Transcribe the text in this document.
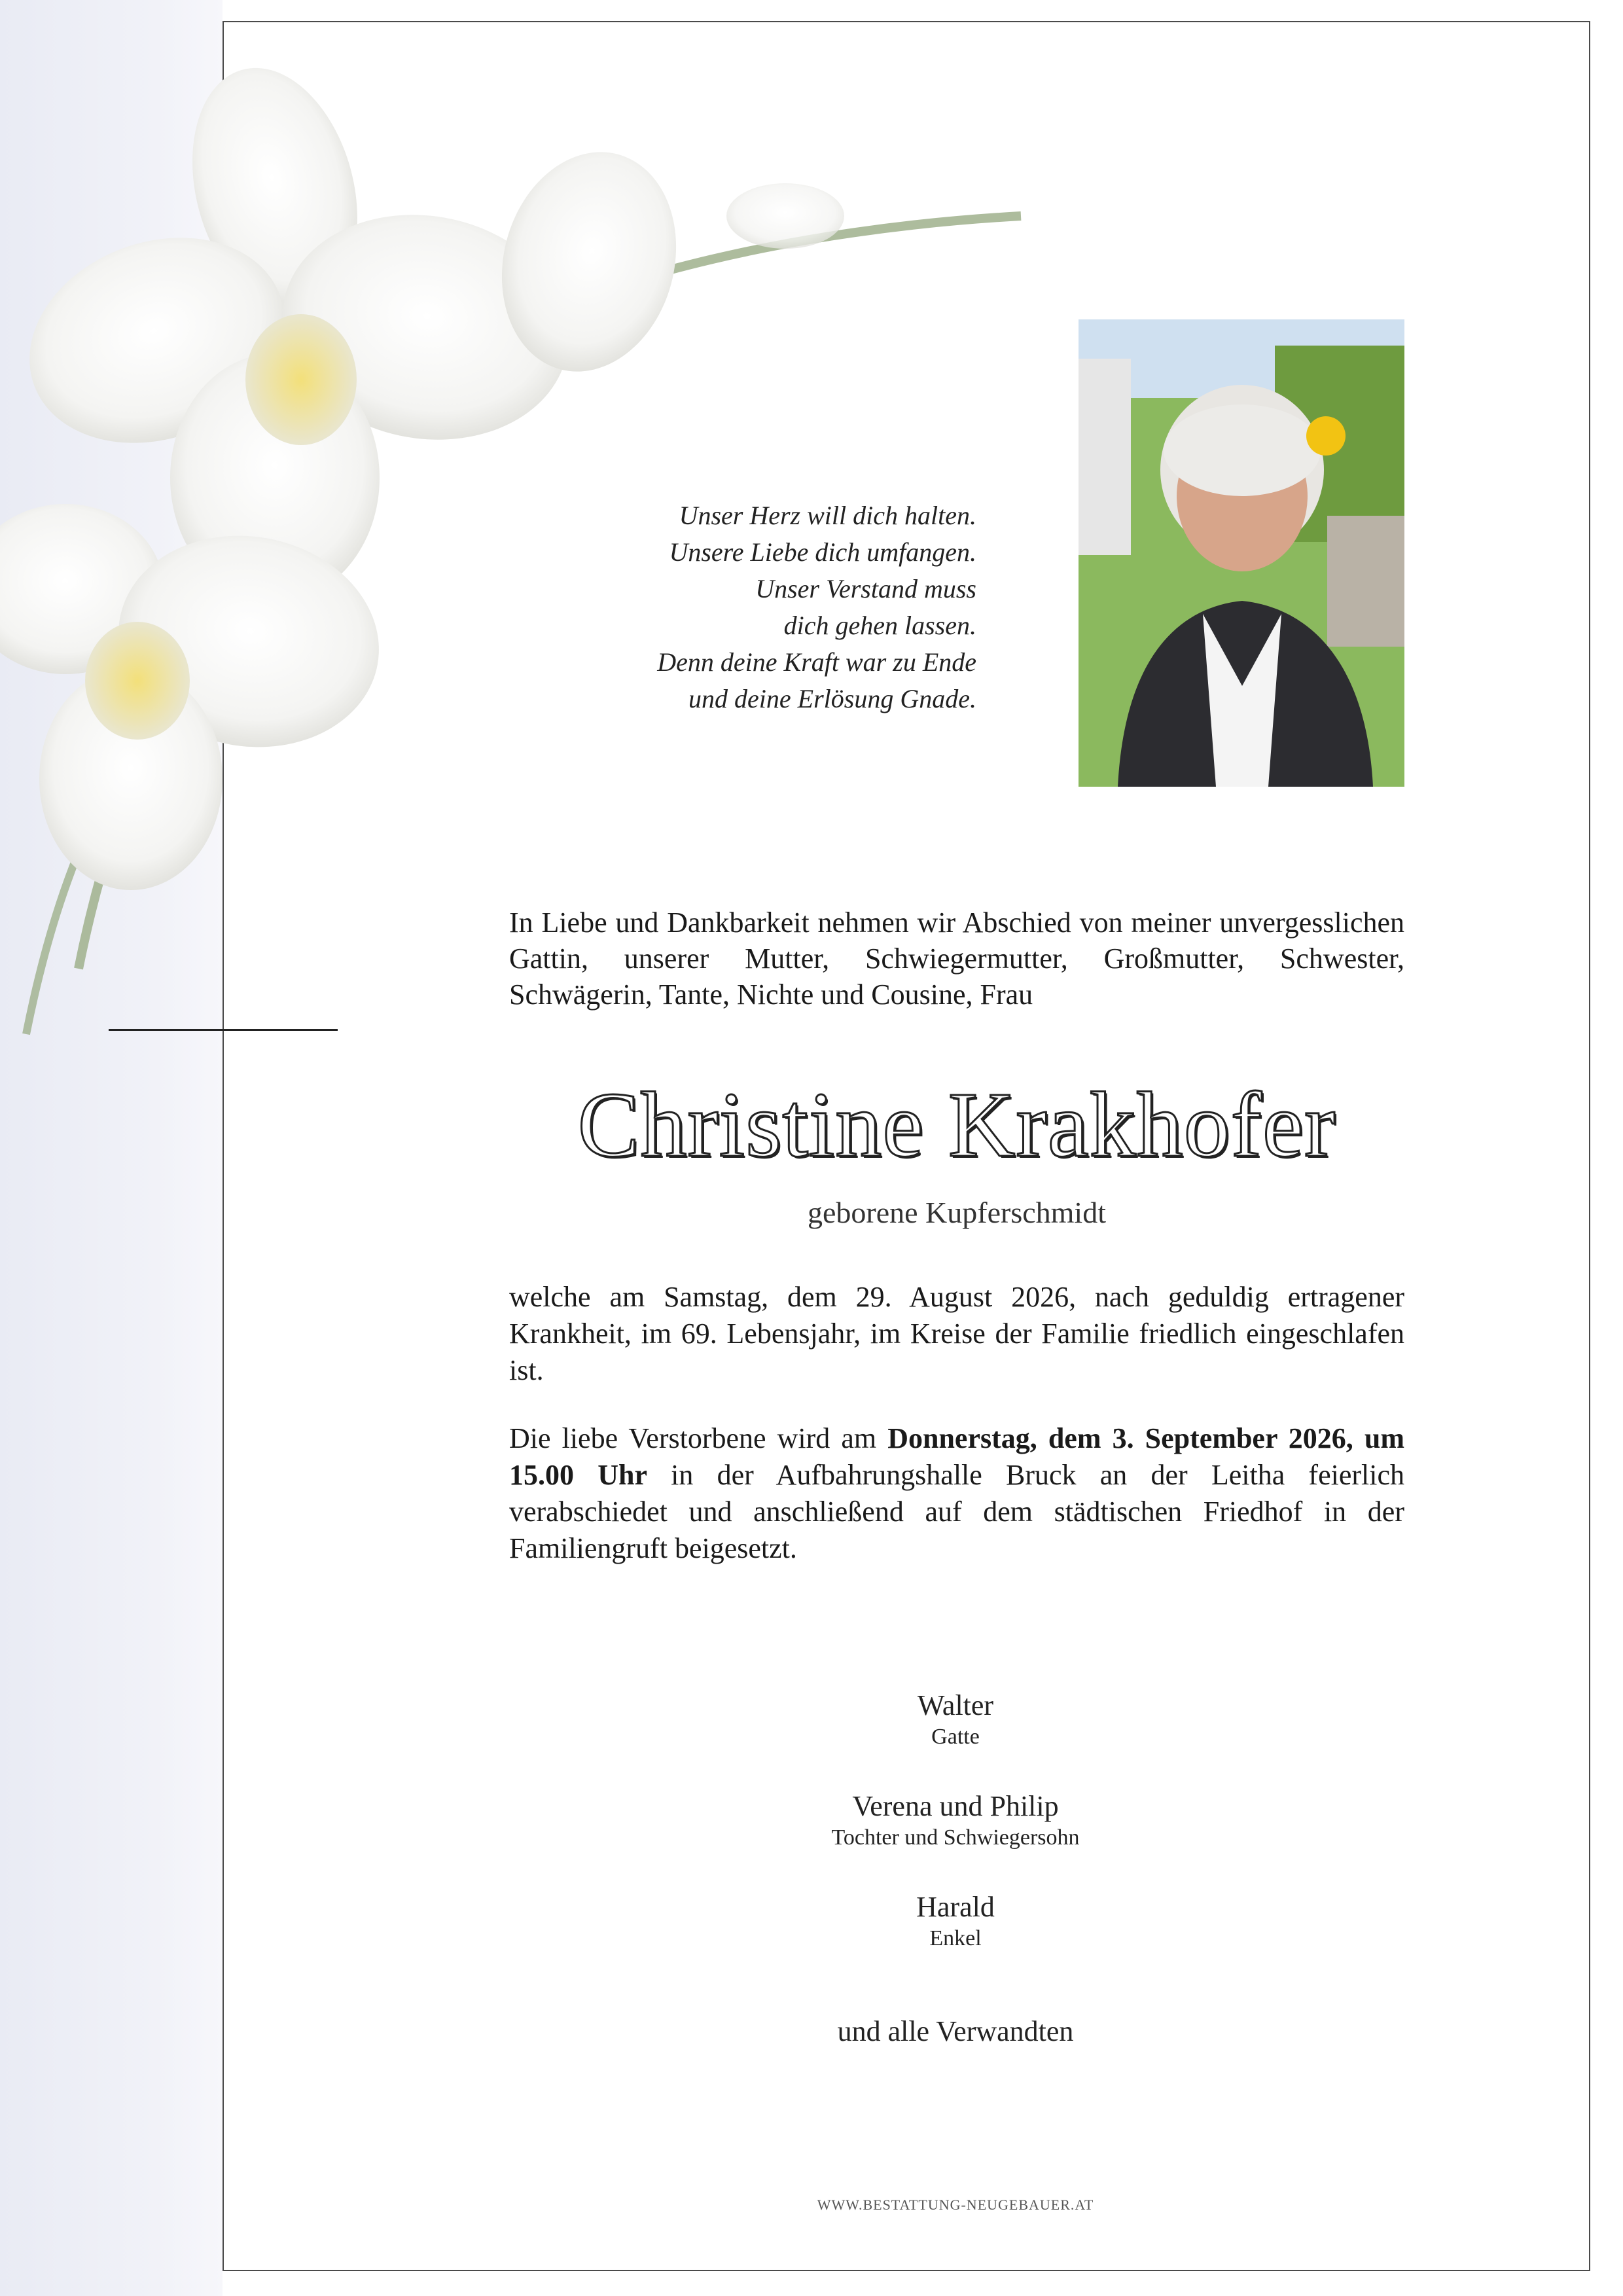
Unser Herz will dich halten.
Unsere Liebe dich umfangen.
Unser Verstand muss
dich gehen lassen.
Denn deine Kraft war zu Ende
und deine Erlösung Gnade.
In Liebe und Dankbarkeit nehmen wir Abschied von meiner unvergesslichen Gattin, unserer Mutter, Schwiegermutter, Großmutter, Schwester, Schwägerin, Tante, Nichte und Cousine, Frau
Christine Krakhofer
geborene Kupferschmidt
welche am Samstag, dem 29. August 2026, nach geduldig ertragener Krankheit, im 69. Lebensjahr, im Kreise der Familie friedlich eingeschlafen ist.
Die liebe Verstorbene wird am Donnerstag, dem 3. September 2026, um 15.00 Uhr in der Aufbahrungshalle Bruck an der Leitha feierlich verabschiedet und anschließend auf dem städtischen Friedhof in der Familiengruft beigesetzt.
Walter
Gatte
Verena und Philip
Tochter und Schwiegersohn
Harald
Enkel
und alle Verwandten
WWW.BESTATTUNG-NEUGEBAUER.AT
